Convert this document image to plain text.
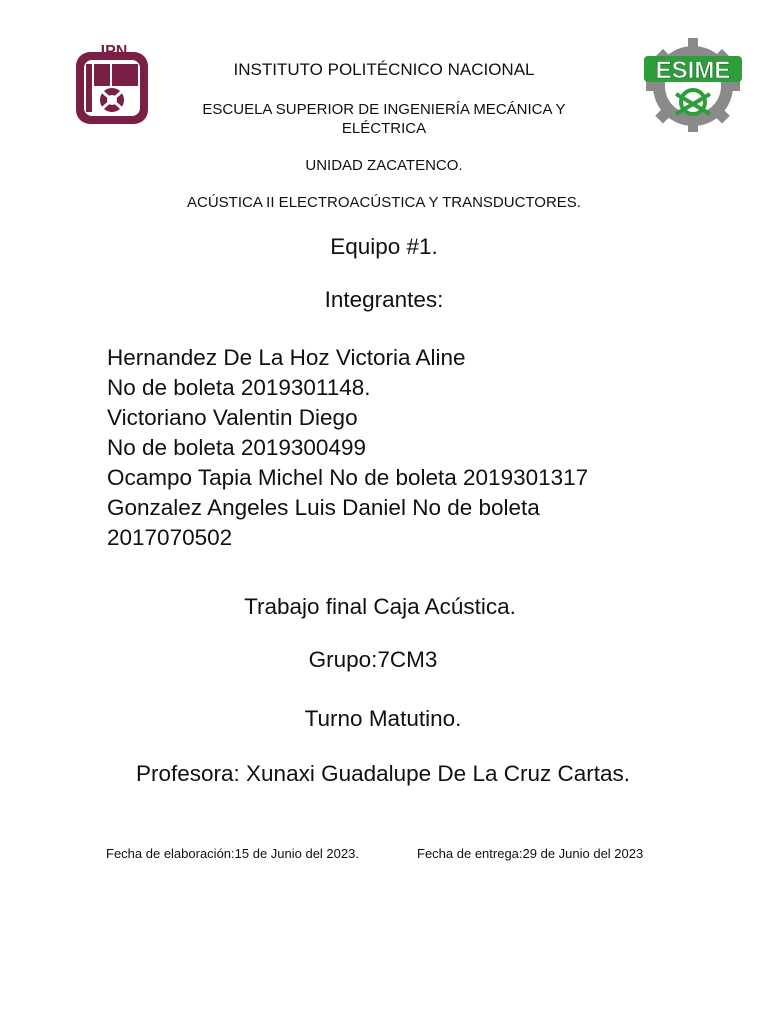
IPN
ESIME
INSTITUTO POLITÉCNICO NACIONAL
ESCUELA SUPERIOR DE INGENIERÍA MECÁNICA Y
ELÉCTRICA
UNIDAD ZACATENCO.
ACÚSTICA II ELECTROACÚSTICA Y TRANSDUCTORES.
Equipo #1.
Integrantes:
Hernandez De La Hoz Victoria Aline
No de boleta 2019301148.
Victoriano Valentin Diego
No de boleta 2019300499
Ocampo Tapia Michel No de boleta 2019301317
Gonzalez Angeles Luis Daniel No de boleta
2017070502
Trabajo final Caja Acústica.
Grupo:7CM3
Turno Matutino.
Profesora: Xunaxi Guadalupe De La Cruz Cartas.
Fecha de elaboración:15 de Junio del 2023.	Fecha de entrega:29 de Junio del 2023
